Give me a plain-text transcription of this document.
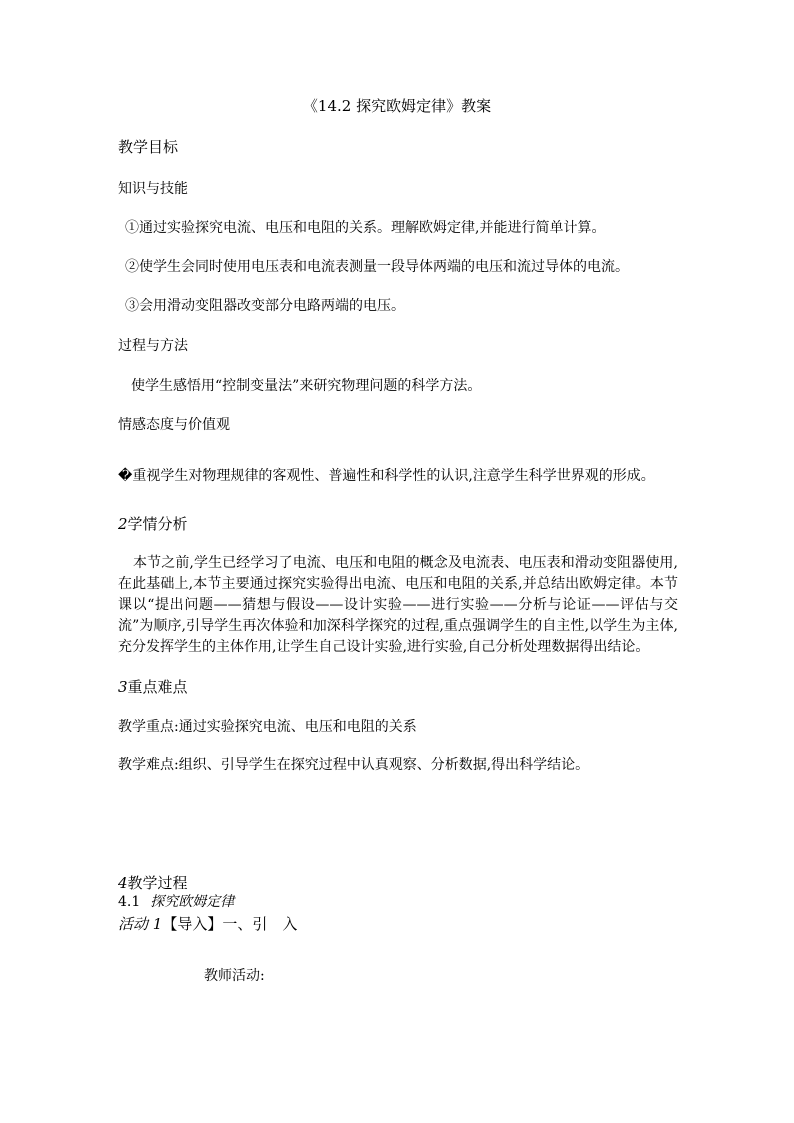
《14.2 探究欧姆定律》教案
教学目标
知识与技能
①通过实验探究电流、电压和电阻的关系。理解欧姆定律,并能进行简单计算。
②使学生会同时使用电压表和电流表测量一段导体两端的电压和流过导体的电流。
③会用滑动变阻器改变部分电路两端的电压。
过程与方法
使学生感悟用“控制变量法”来研究物理问题的科学方法。
情感态度与价值观
�重视学生对物理规律的客观性、普遍性和科学性的认识,注意学生科学世界观的形成。
2学情分析
本节之前,学生已经学习了电流、电压和电阻的概念及电流表、电压表和滑动变阻器使用,在此基础上,本节主要通过探究实验得出电流、电压和电阻的关系,并总结出欧姆定律。本节课以“提出问题——猜想与假设——设计实验——进行实验——分析与论证——评估与交流”为顺序,引导学生再次体验和加深科学探究的过程,重点强调学生的自主性,以学生为主体,充分发挥学生的主体作用,让学生自己设计实验,进行实验,自己分析处理数据得出结论。
3重点难点
教学重点:通过实验探究电流、电压和电阻的关系
教学难点:组织、引导学生在探究过程中认真观察、分析数据,得出科学结论。
4教学过程
4.1 探究欧姆定律
活动 1【导入】一、引　入
教师活动:
